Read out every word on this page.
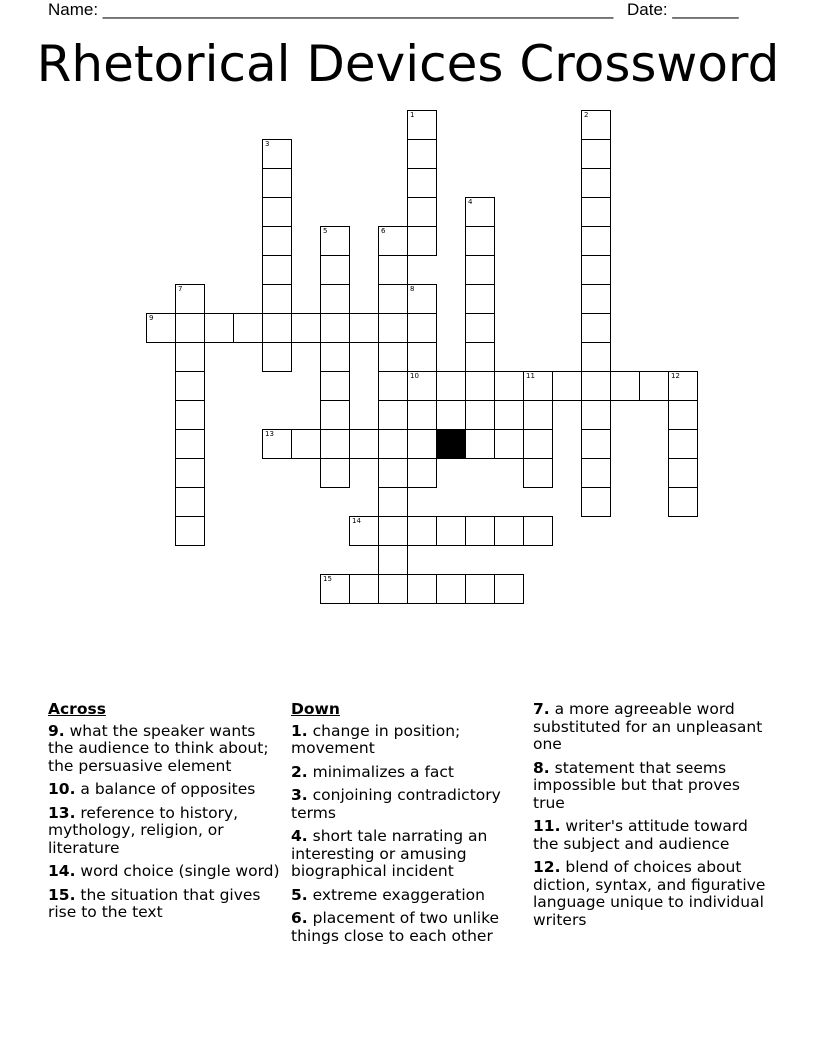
Name: ______________________________________________________ Date: _______
Rhetorical Devices Crossword
1	2
3
4
5	6
7	8
10
9
11	12
13
14
15
Across
9. what the speaker wants the audience to think about; the persuasive element
10. a balance of opposites
13. reference to history, mythology, religion, or literature
14. word choice (single word)
15. the situation that gives rise to the text
Down
1. change in position; movement
2. minimalizes a fact
3. conjoining contradictory terms
4. short tale narrating an interesting or amusing biographical incident
5. extreme exaggeration
6. placement of two unlike things close to each other
7. a more agreeable word substituted for an unpleasant one
8. statement that seems impossible but that proves true
11. writer's attitude toward the subject and audience
12. blend of choices about diction, syntax, and figurative language unique to individual writers
